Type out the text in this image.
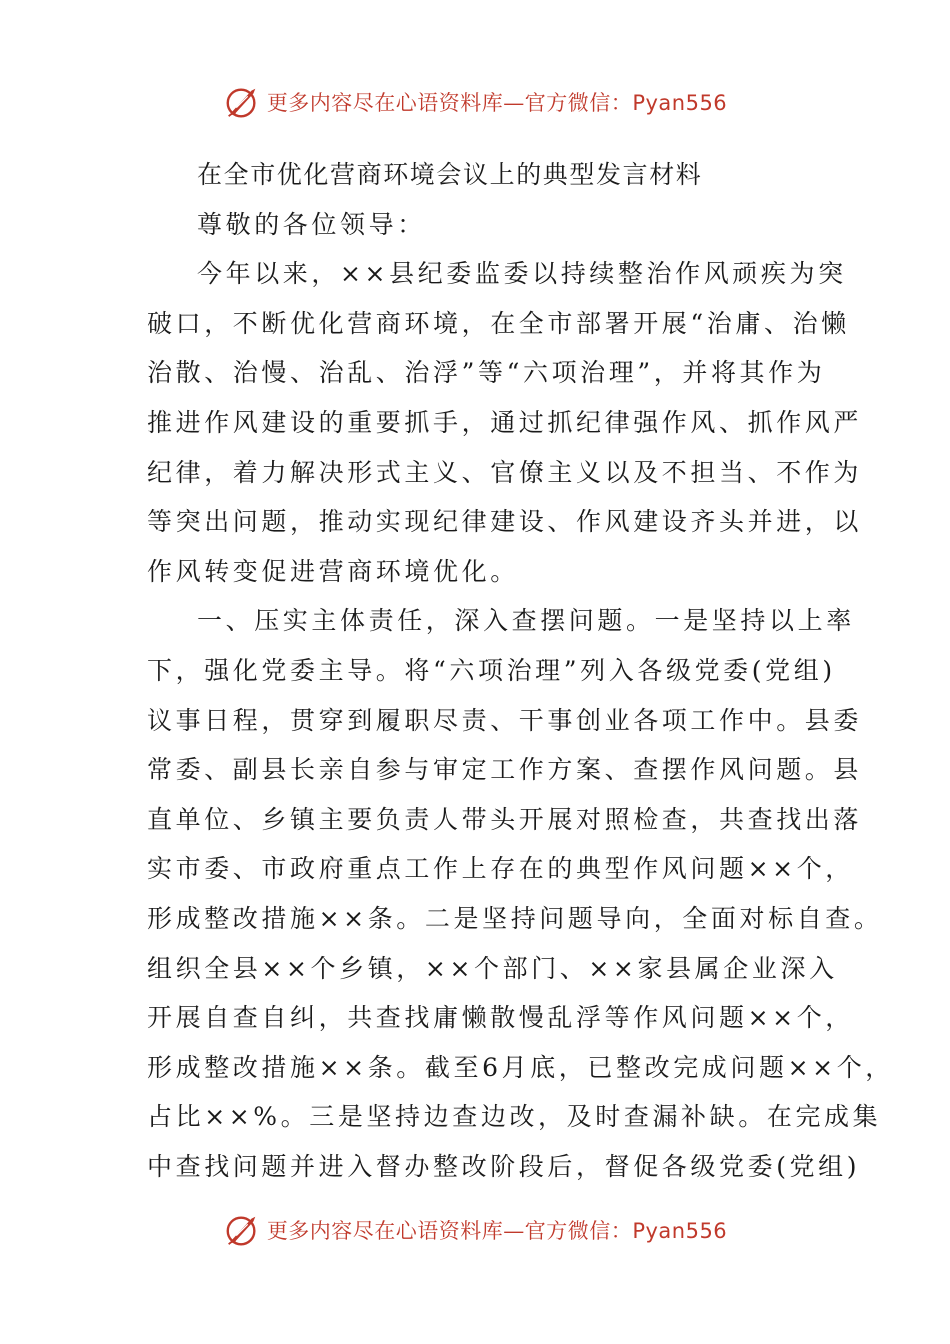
更多内容尽在心语资料库—官方微信：Pyan556
在全市优化营商环境会议上的典型发言材料
尊敬的各位领导：
今年以来，××县纪委监委以持续整治作风顽疾为突
破口，不断优化营商环境，在全市部署开展“治庸、治懒
治散、治慢、治乱、治浮”等“六项治理”，并将其作为
推进作风建设的重要抓手，通过抓纪律强作风、抓作风严
纪律，着力解决形式主义、官僚主义以及不担当、不作为
等突出问题，推动实现纪律建设、作风建设齐头并进，以
作风转变促进营商环境优化。
一、压实主体责任，深入查摆问题。一是坚持以上率
下，强化党委主导。将“六项治理”列入各级党委(党组)
议事日程，贯穿到履职尽责、干事创业各项工作中。县委
常委、副县长亲自参与审定工作方案、查摆作风问题。县
直单位、乡镇主要负责人带头开展对照检查，共查找出落
实市委、市政府重点工作上存在的典型作风问题××个，
形成整改措施××条。二是坚持问题导向，全面对标自查。
组织全县××个乡镇，××个部门、××家县属企业深入
开展自查自纠，共查找庸懒散慢乱浮等作风问题××个，
形成整改措施××条。截至6月底，已整改完成问题××个，
占比××%。三是坚持边查边改，及时查漏补缺。在完成集
中查找问题并进入督办整改阶段后，督促各级党委(党组)
更多内容尽在心语资料库—官方微信：Pyan556
